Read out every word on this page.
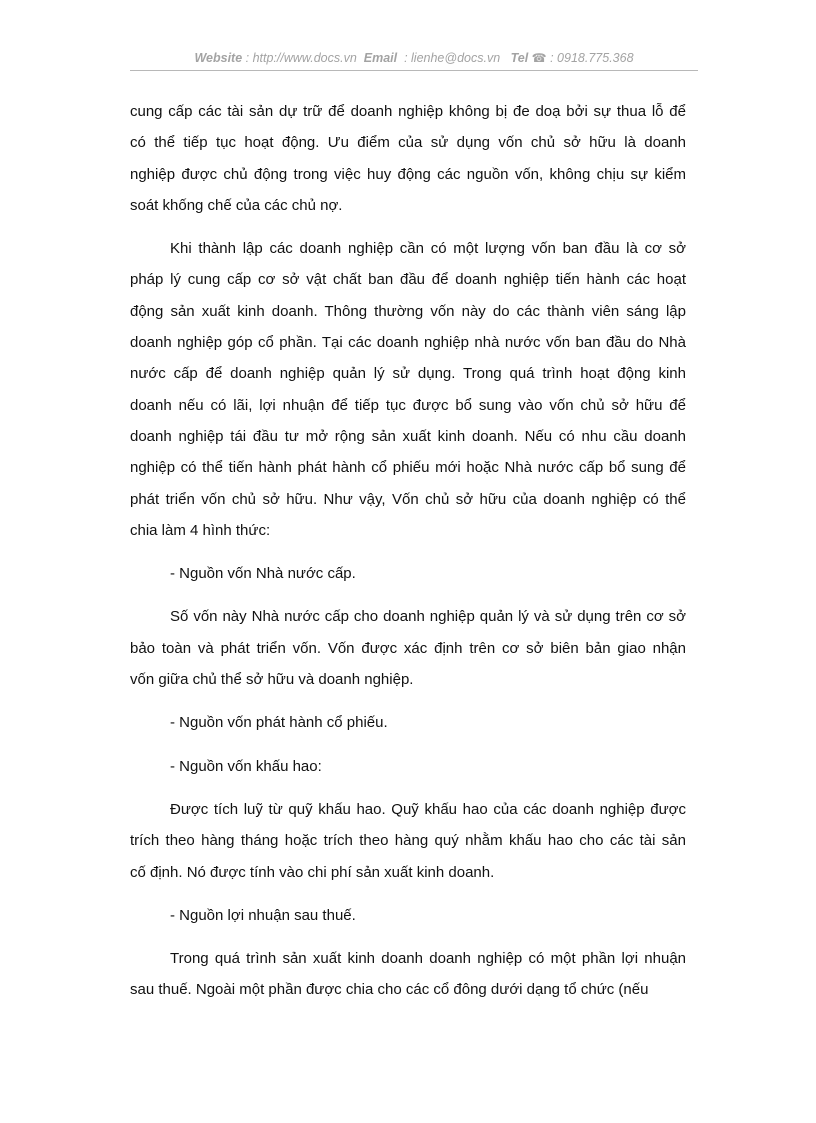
Website : http://www.docs.vn Email : lienhe@docs.vn Tel ☎ : 0918.775.368
cung cấp các tài sản dự trữ để doanh nghiệp không bị đe doạ bởi sự thua lỗ để
có thể tiếp tục hoạt động. Ưu điểm của sử dụng vốn chủ sở hữu là doanh
nghiệp được chủ động trong việc huy động các nguồn vốn, không chịu sự kiểm
soát khống chế của các chủ nợ.
Khi thành lập các doanh nghiệp cần có một lượng vốn ban đầu là cơ sở
pháp lý cung cấp cơ sở vật chất ban đầu để doanh nghiệp tiến hành các hoạt
động sản xuất kinh doanh. Thông thường vốn này do các thành viên sáng lập
doanh nghiệp góp cổ phần. Tại các doanh nghiệp nhà nước vốn ban đầu do Nhà
nước cấp để doanh nghiệp quản lý sử dụng. Trong quá trình hoạt động kinh
doanh nếu có lãi, lợi nhuận để tiếp tục được bổ sung vào vốn chủ sở hữu để
doanh nghiệp tái đầu tư mở rộng sản xuất kinh doanh. Nếu có nhu cầu doanh
nghiệp có thể tiến hành phát hành cổ phiếu mới hoặc Nhà nước cấp bổ sung để
phát triển vốn chủ sở hữu. Như vậy, Vốn chủ sở hữu của doanh nghiệp có thể
chia làm 4 hình thức:
- Nguồn vốn Nhà nước cấp.
Số vốn này Nhà nước cấp cho doanh nghiệp quản lý và sử dụng trên cơ sở
bảo toàn và phát triển vốn. Vốn được xác định trên cơ sở biên bản giao nhận
vốn giữa chủ thể sở hữu và doanh nghiệp.
- Nguồn vốn phát hành cổ phiếu.
- Nguồn vốn khấu hao:
Được tích luỹ từ quỹ khấu hao. Quỹ khấu hao của các doanh nghiệp được
trích theo hàng tháng hoặc trích theo hàng quý nhằm khấu hao cho các tài sản
cố định. Nó được tính vào chi phí sản xuất kinh doanh.
- Nguồn lợi nhuận sau thuế.
Trong quá trình sản xuất kinh doanh doanh nghiệp có một phần lợi nhuận
sau thuế. Ngoài một phần được chia cho các cổ đông dưới dạng tổ chức (nếu
